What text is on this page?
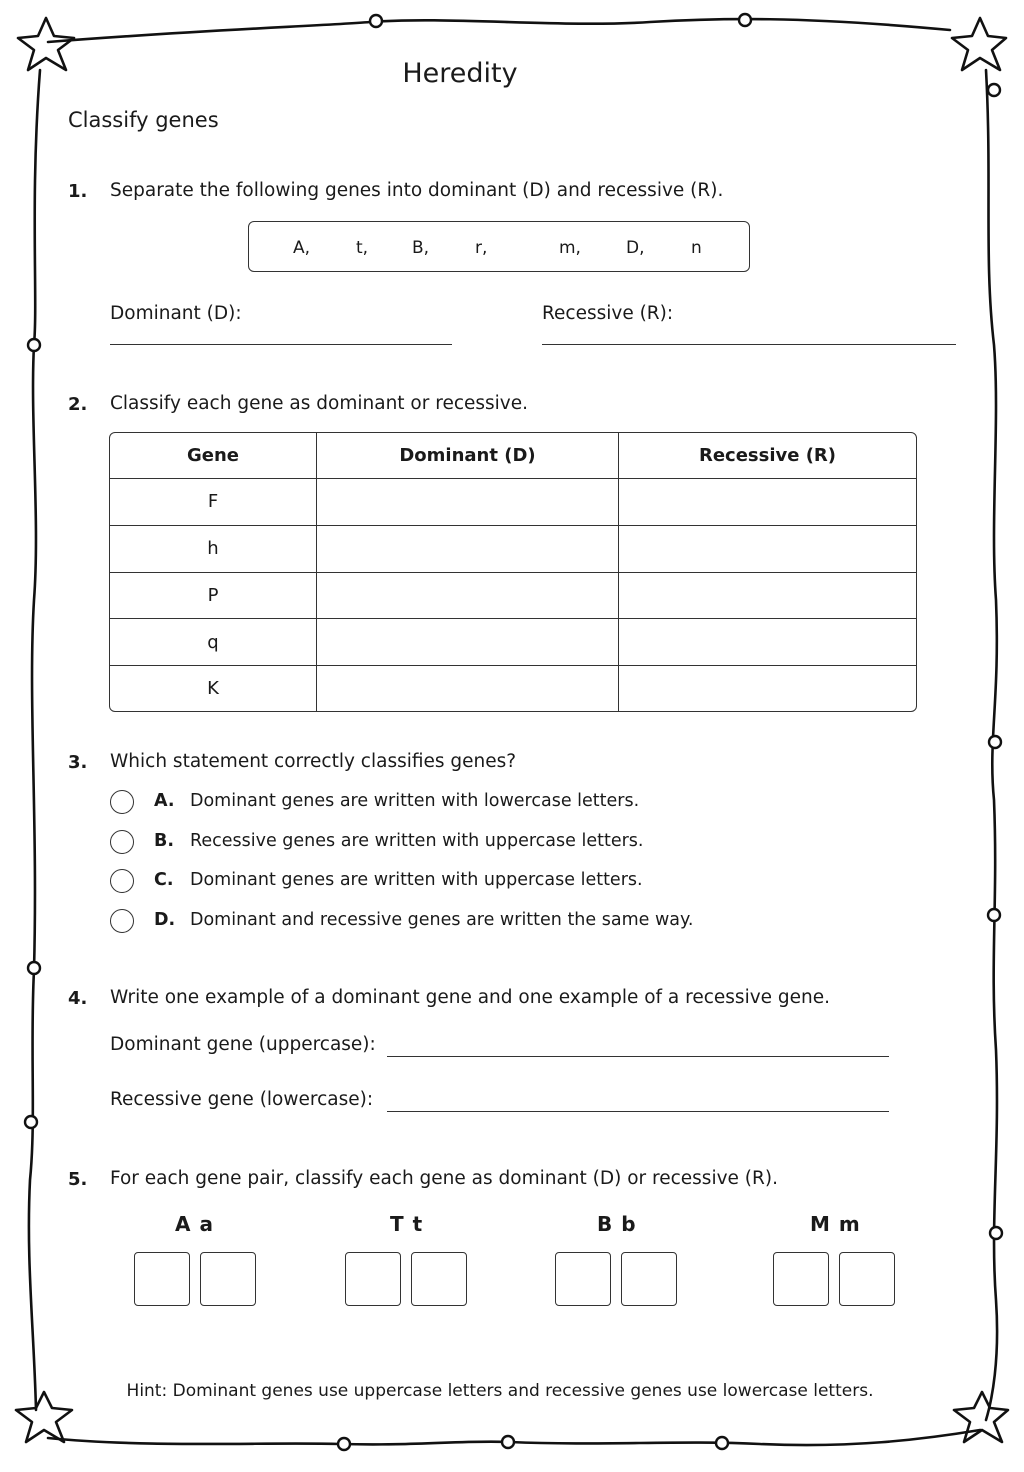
Heredity
Classify genes
1. Separate the following genes into dominant (D) and recessive (R).
A,	t,	B,	r,	m,	D,	n
Dominant (D):	Recessive (R):
2. Classify each gene as dominant or recessive.
Gene	Dominant (D)	Recessive (R)
F		
h		
P		
q		
K		
3. Which statement correctly classifies genes?
A. Dominant genes are written with lowercase letters.
B. Recessive genes are written with uppercase letters.
C. Dominant genes are written with uppercase letters.
D. Dominant and recessive genes are written the same way.
4. Write one example of a dominant gene and one example of a recessive gene.
Dominant gene (uppercase):
Recessive gene (lowercase):
5. For each gene pair, classify each gene as dominant (D) or recessive (R).
A a	T t	B b	M m
Hint: Dominant genes use uppercase letters and recessive genes use lowercase letters.
